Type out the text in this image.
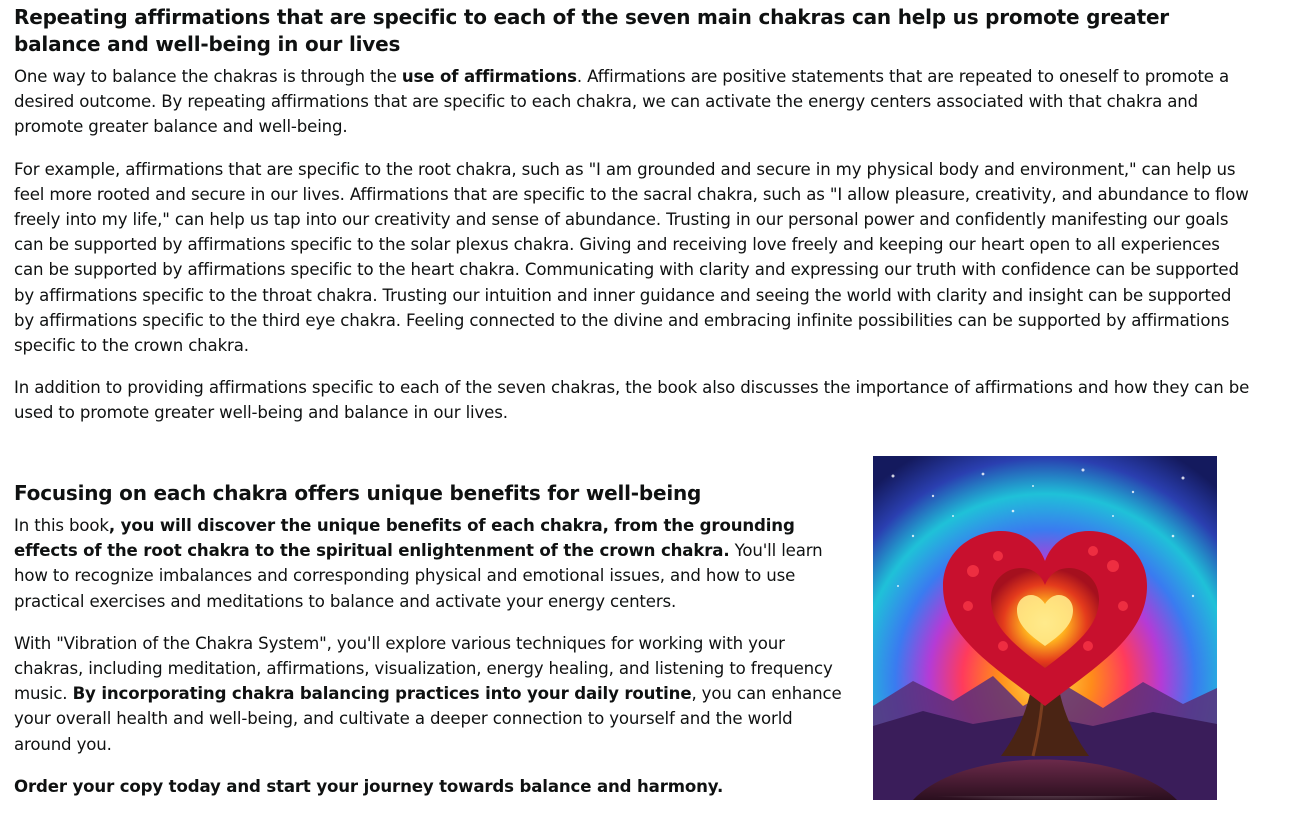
Repeating affirmations that are specific to each of the seven main chakras can help us promote greater balance and well-being in our lives

One way to balance the chakras is through the use of affirmations. Affirmations are positive statements that are repeated to oneself to promote a desired outcome. By repeating affirmations that are specific to each chakra, we can activate the energy centers associated with that chakra and promote greater balance and well-being.

For example, affirmations that are specific to the root chakra, such as "I am grounded and secure in my physical body and environment," can help us feel more rooted and secure in our lives. Affirmations that are specific to the sacral chakra, such as "I allow pleasure, creativity, and abundance to flow freely into my life," can help us tap into our creativity and sense of abundance. Trusting in our personal power and confidently manifesting our goals can be supported by affirmations specific to the solar plexus chakra. Giving and receiving love freely and keeping our heart open to all experiences can be supported by affirmations specific to the heart chakra. Communicating with clarity and expressing our truth with confidence can be supported by affirmations specific to the throat chakra. Trusting our intuition and inner guidance and seeing the world with clarity and insight can be supported by affirmations specific to the third eye chakra. Feeling connected to the divine and embracing infinite possibilities can be supported by affirmations specific to the crown chakra.

In addition to providing affirmations specific to each of the seven chakras, the book also discusses the importance of affirmations and how they can be used to promote greater well-being and balance in our lives.

Focusing on each chakra offers unique benefits for well-being

In this book, you will discover the unique benefits of each chakra, from the grounding effects of the root chakra to the spiritual enlightenment of the crown chakra. You'll learn how to recognize imbalances and corresponding physical and emotional issues, and how to use practical exercises and meditations to balance and activate your energy centers.

With "Vibration of the Chakra System", you'll explore various techniques for working with your chakras, including meditation, affirmations, visualization, energy healing, and listening to frequency music. By incorporating chakra balancing practices into your daily routine, you can enhance your overall health and well-being, and cultivate a deeper connection to yourself and the world around you.

Order your copy today and start your journey towards balance and harmony.
